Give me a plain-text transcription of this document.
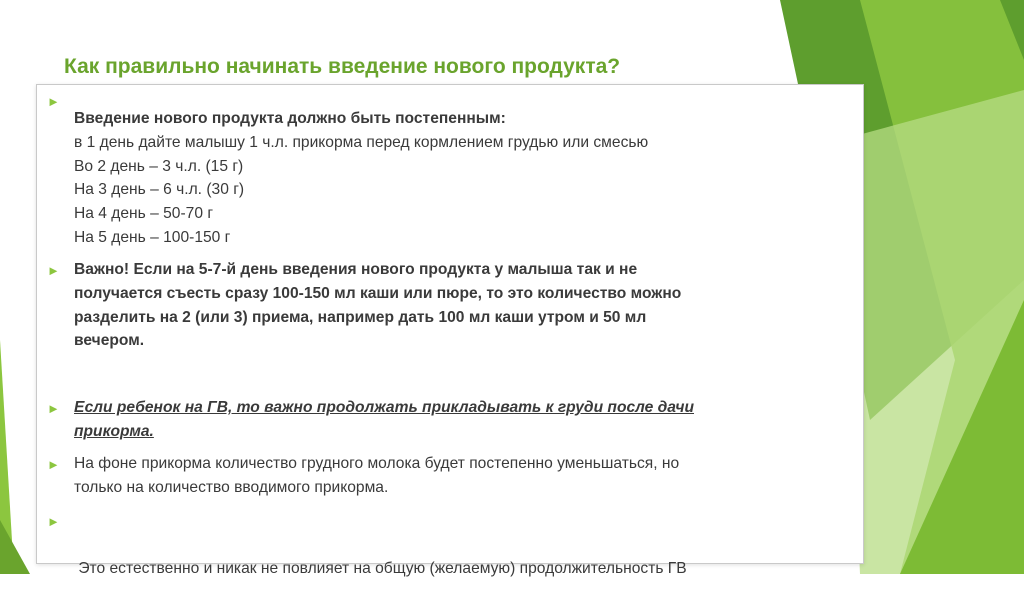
Как правильно начинать введение нового продукта?
►
►
►
►
►

Введение нового продукта должно быть постепенным:
в 1 день дайте малышу 1 ч.л. прикорма перед кормлением грудью или смесью
Во 2 день – 3 ч.л. (15 г)
На 3 день – 6 ч.л. (30 г)
На 4 день – 50-70 г
На 5 день – 100-150 г

Важно! Если на 5-7-й день введения нового продукта у малыша так и не
получается съесть сразу 100-150 мл каши или пюре, то это количество можно
разделить на 2 (или 3) приема, например дать 100 мл каши утром и 50 мл
вечером.

Если ребенок на ГВ, то важно продолжать прикладывать к груди после дачи
прикорма.

На фоне прикорма количество грудного молока будет постепенно уменьшаться, но
только на количество вводимого прикорма.

Это естественно и никак не повлияет на общую (желаемую) продолжительность ГВ
